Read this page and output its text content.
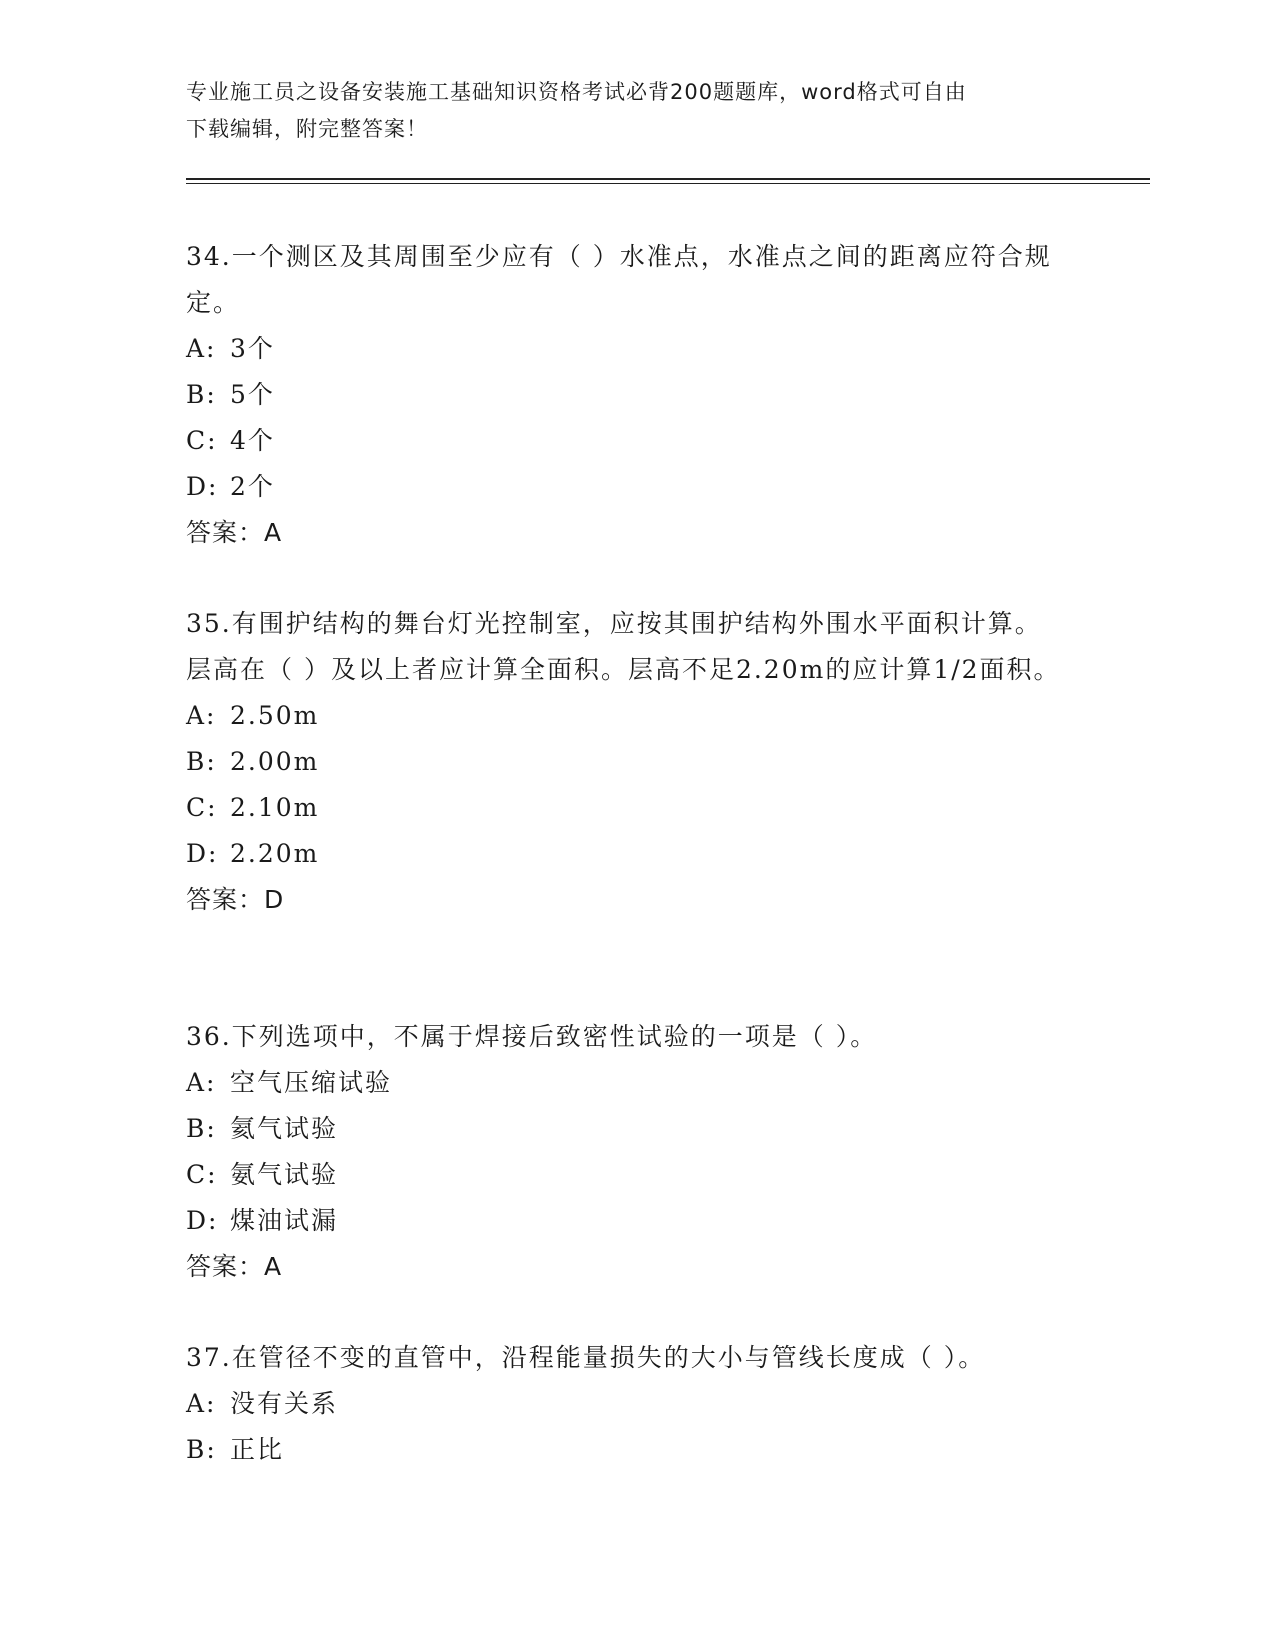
专业施工员之设备安装施工基础知识资格考试必背200题题库，word格式可自由
下载编辑，附完整答案！

34.一个测区及其周围至少应有（ ）水准点，水准点之间的距离应符合规定。

A: 3个
B: 5个
C: 4个
D: 2个
答案：A

35.有围护结构的舞台灯光控制室，应按其围护结构外围水平面积计算。层高在（ ）及以上者应计算全面积。层高不足2.20m的应计算1/2面积。

A: 2.50m
B: 2.00m
C: 2.10m
D: 2.20m
答案：D

36.下列选项中，不属于焊接后致密性试验的一项是（ ）。

A: 空气压缩试验
B: 氦气试验
C: 氨气试验
D: 煤油试漏
答案：A

37.在管径不变的直管中，沿程能量损失的大小与管线长度成（ ）。

A: 没有关系
B: 正比
